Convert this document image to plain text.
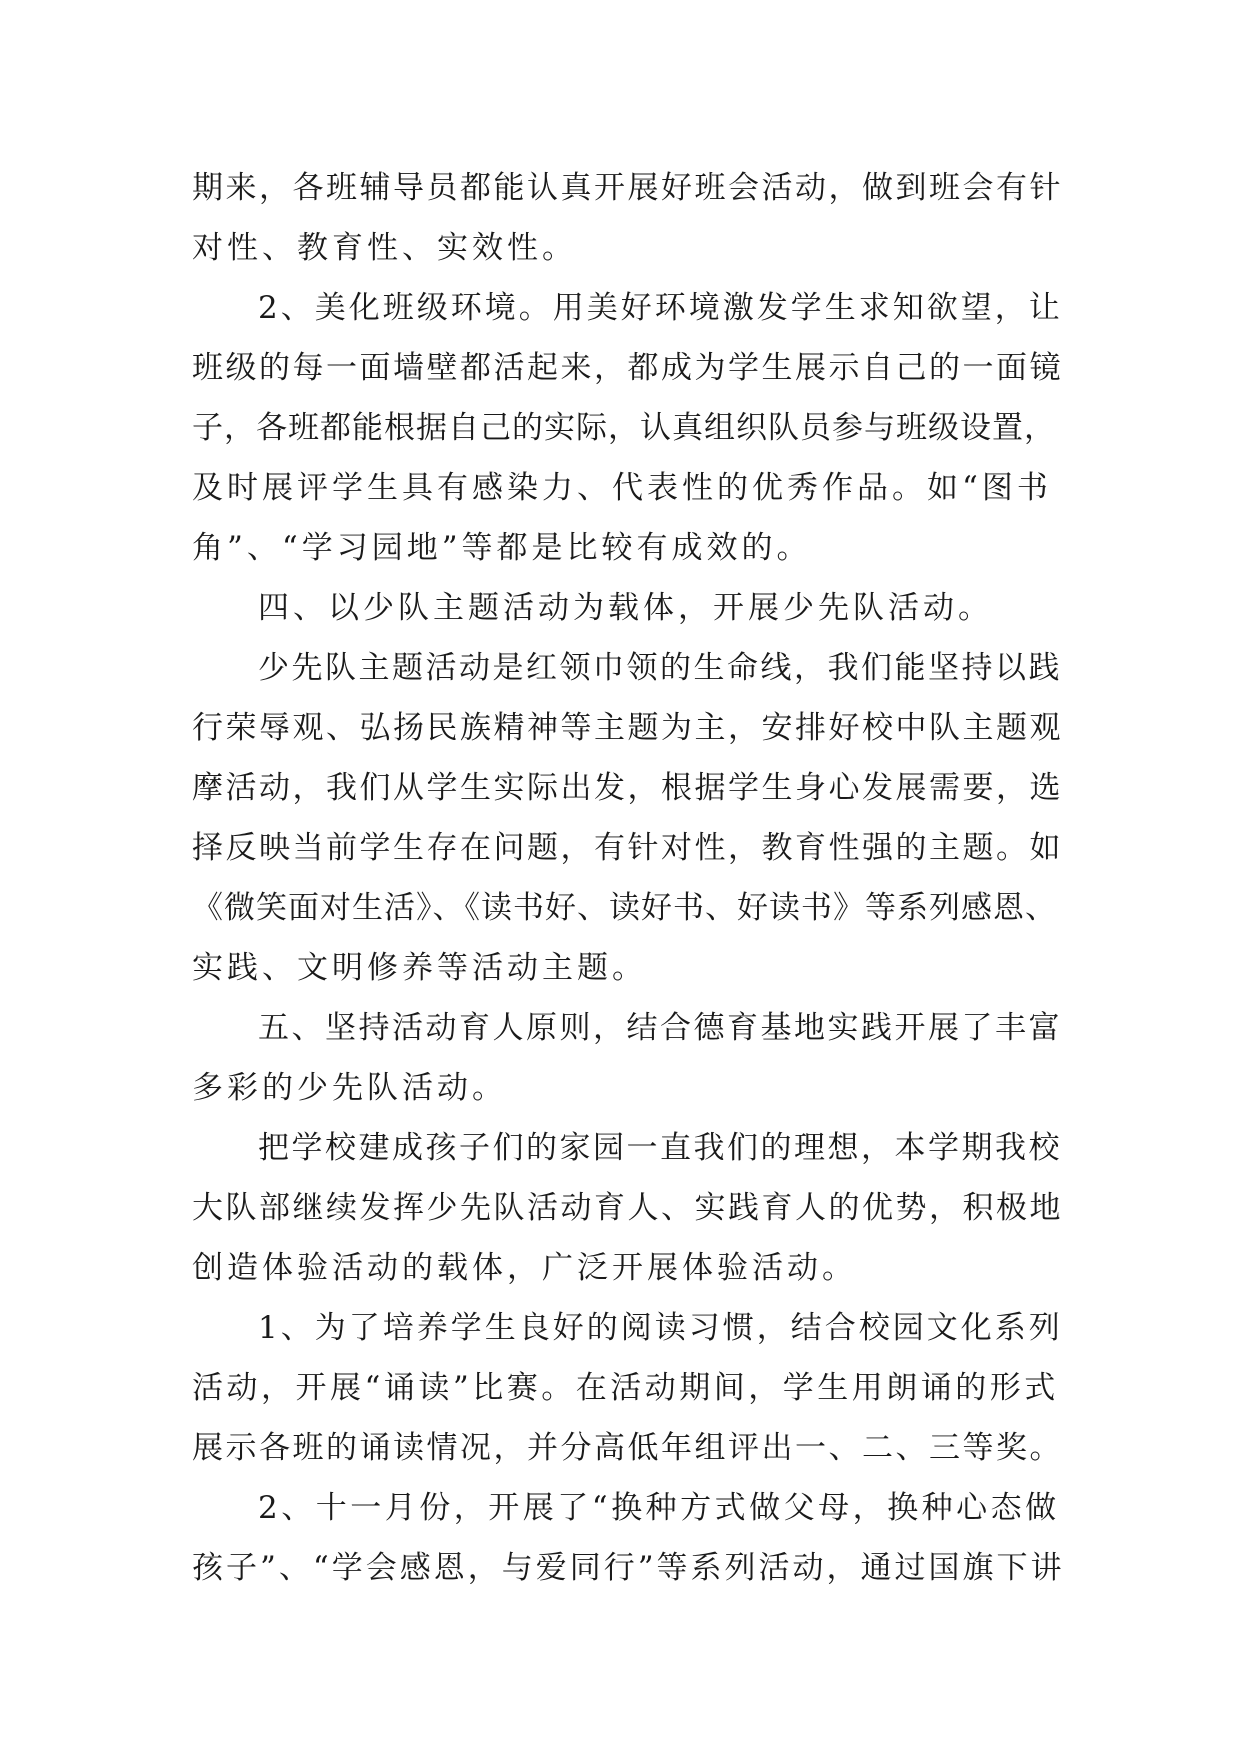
期来，各班辅导员都能认真开展好班会活动，做到班会有针
对性、教育性、实效性。
2、美化班级环境。用美好环境激发学生求知欲望，让
班级的每一面墙壁都活起来，都成为学生展示自己的一面镜
子，各班都能根据自己的实际，认真组织队员参与班级设置，
及时展评学生具有感染力、代表性的优秀作品。如“图书
角”、“学习园地”等都是比较有成效的。
四、以少队主题活动为载体，开展少先队活动。
少先队主题活动是红领巾领的生命线，我们能坚持以践
行荣辱观、弘扬民族精神等主题为主，安排好校中队主题观
摩活动，我们从学生实际出发，根据学生身心发展需要，选
择反映当前学生存在问题，有针对性，教育性强的主题。如
《微笑面对生活》、《读书好、读好书、好读书》等系列感恩、
实践、文明修养等活动主题。
五、坚持活动育人原则，结合德育基地实践开展了丰富
多彩的少先队活动。
把学校建成孩子们的家园一直我们的理想，本学期我校
大队部继续发挥少先队活动育人、实践育人的优势，积极地
创造体验活动的载体，广泛开展体验活动。
1、为了培养学生良好的阅读习惯，结合校园文化系列
活动，开展“诵读”比赛。在活动期间，学生用朗诵的形式
展示各班的诵读情况，并分高低年组评出一、二、三等奖。
2、十一月份，开展了“换种方式做父母，换种心态做
孩子”、“学会感恩，与爱同行”等系列活动，通过国旗下讲
